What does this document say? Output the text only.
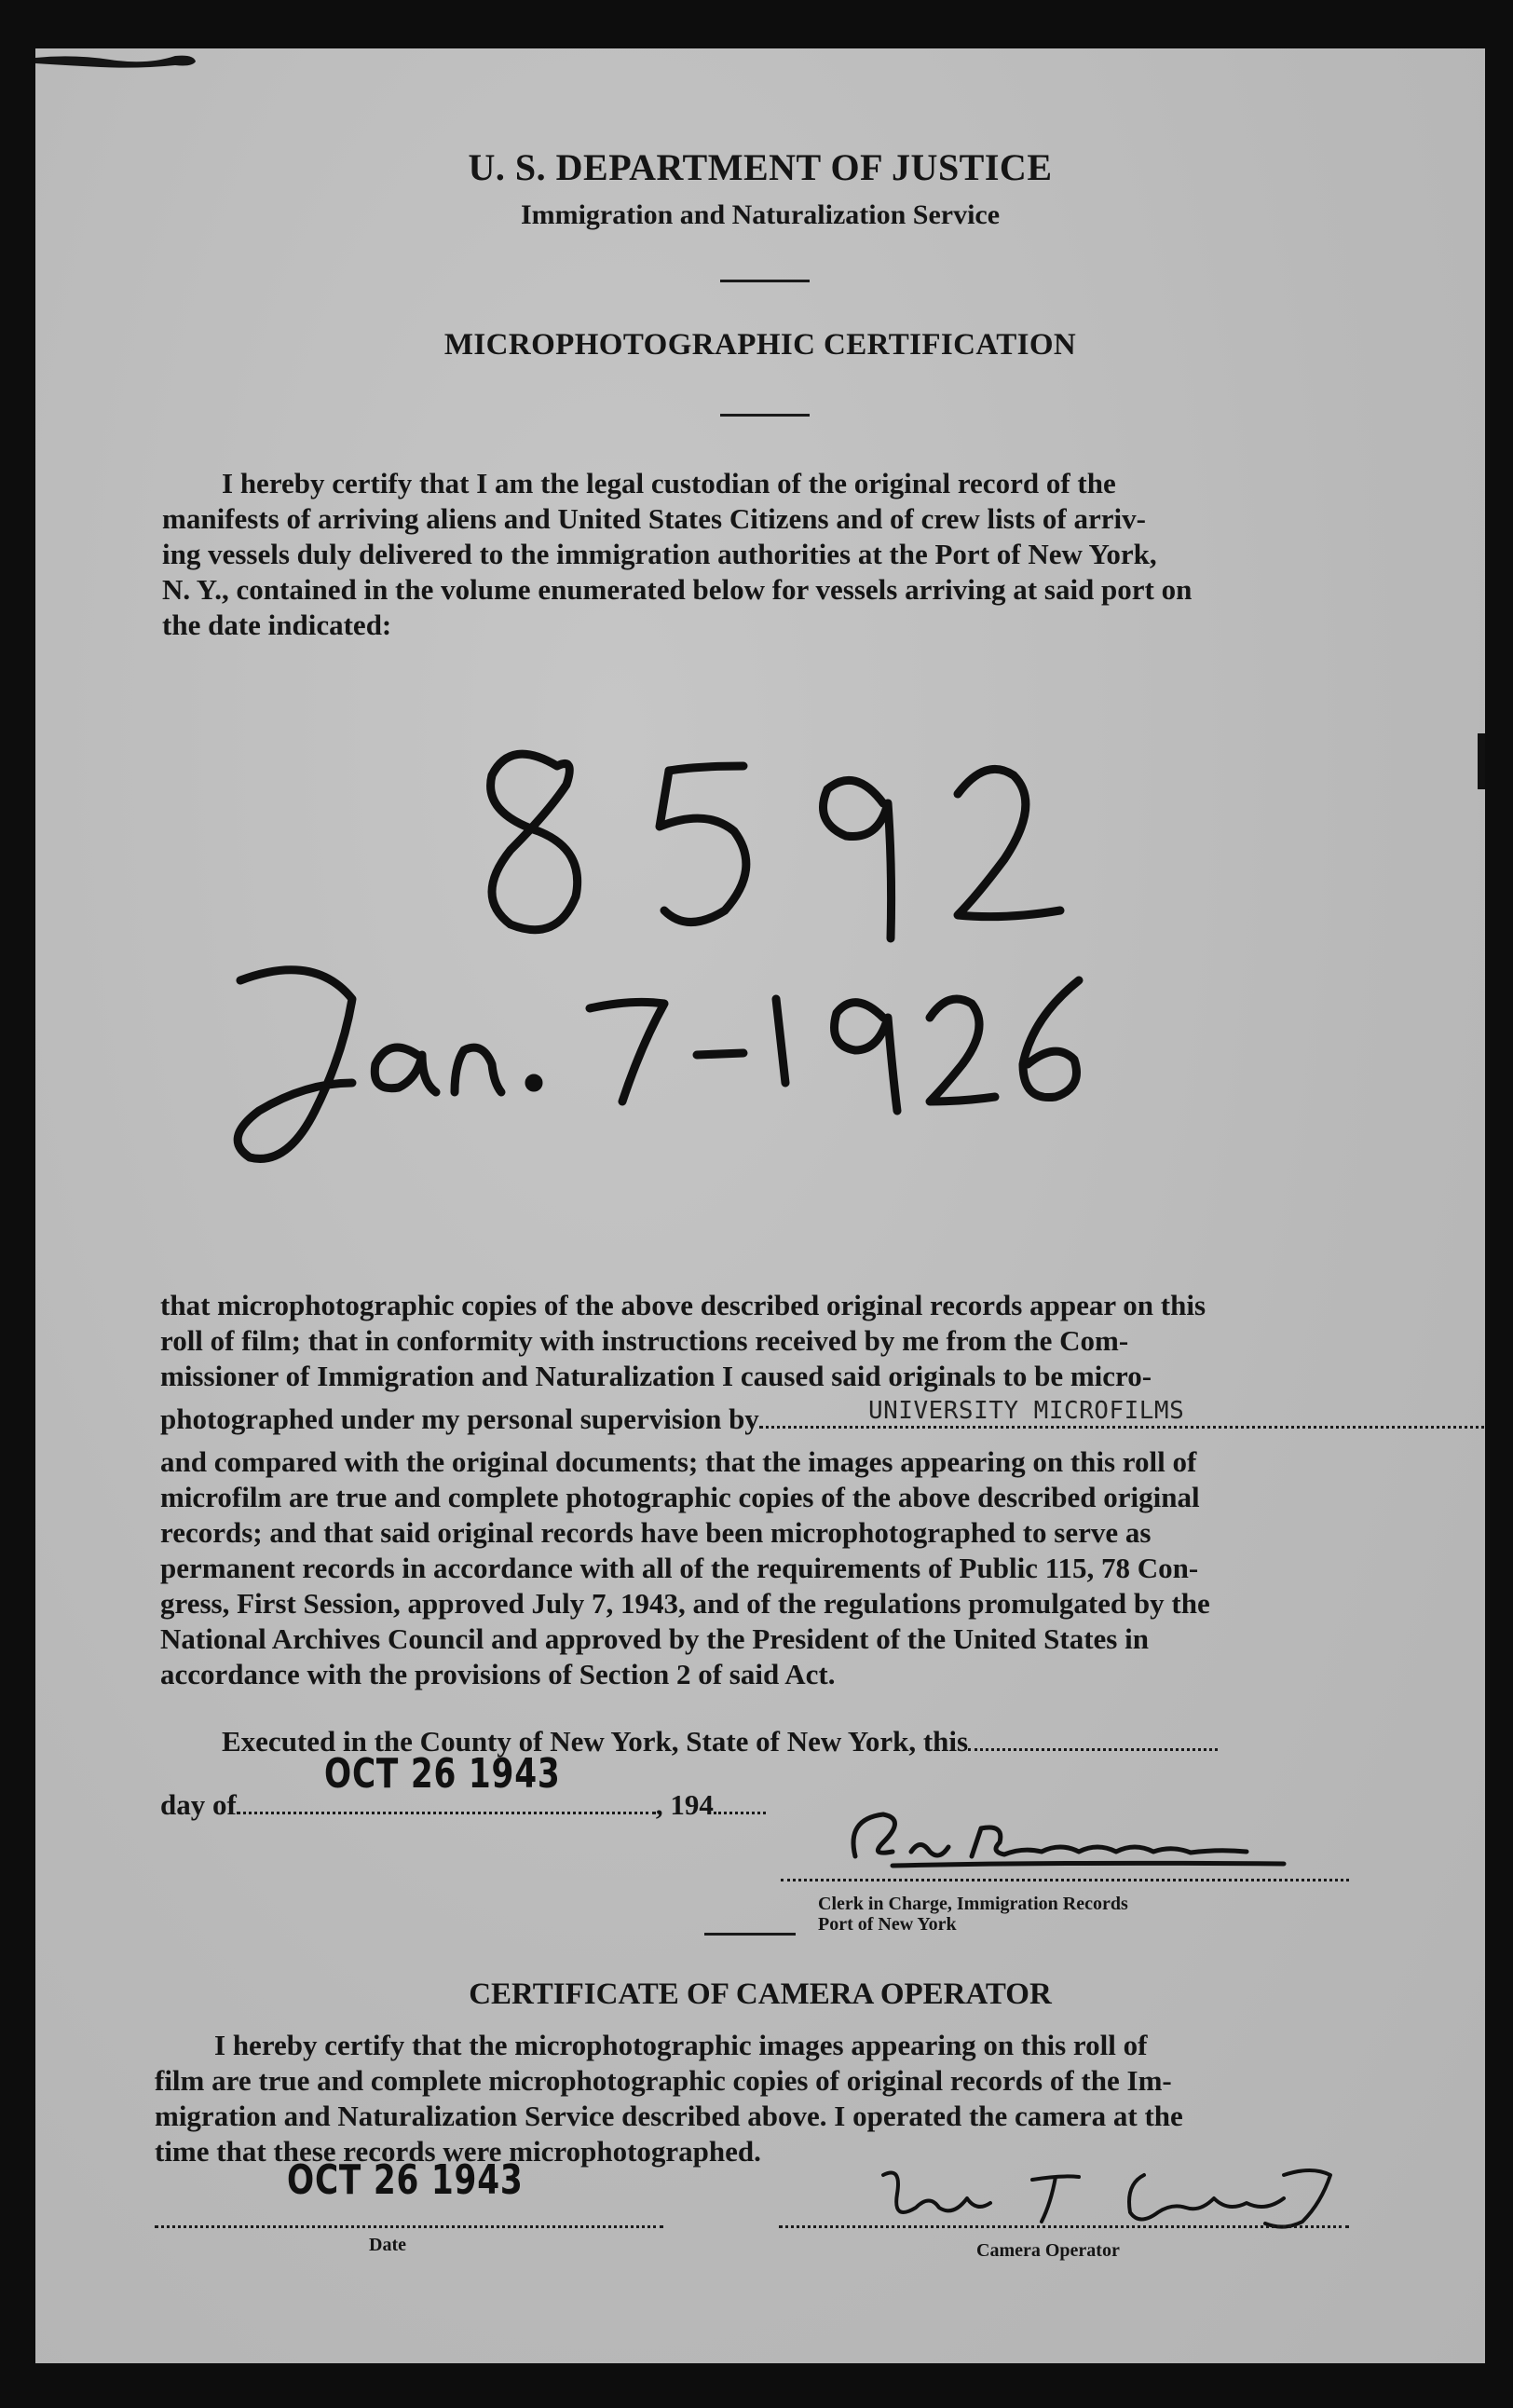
U. S. DEPARTMENT OF JUSTICE
Immigration and Naturalization Service
MICROPHOTOGRAPHIC CERTIFICATION
I hereby certify that I am the legal custodian of the original record of the
manifests of arriving aliens and United States Citizens and of crew lists of arriv-
ing vessels duly delivered to the immigration authorities at the Port of New York,
N. Y., contained in the volume enumerated below for vessels arriving at said port on
the date indicated:
that microphotographic copies of the above described original records appear on this
roll of film; that in conformity with instructions received by me from the Com-
missioner of Immigration and Naturalization I caused said originals to be micro-
photographed under my personal supervision by	UNIVERSITY MICROFILMS
and compared with the original documents; that the images appearing on this roll of
microfilm are true and complete photographic copies of the above described original
records; and that said original records have been microphotographed to serve as
permanent records in accordance with all of the requirements of Public 115, 78 Con-
gress, First Session, approved July 7, 1943, and of the regulations promulgated by the
National Archives Council and approved by the President of the United States in
accordance with the provisions of Section 2 of said Act.
Executed in the County of New York, State of New York, this
day of	, 194
OCT 26 1943
Clerk in Charge, Immigration Records
Port of New York
CERTIFICATE OF CAMERA OPERATOR
I hereby certify that the microphotographic images appearing on this roll of
film are true and complete microphotographic copies of original records of the Im-
migration and Naturalization Service described above. I operated the camera at the
time that these records were microphotographed.
OCT 26 1943
Date	Camera Operator
